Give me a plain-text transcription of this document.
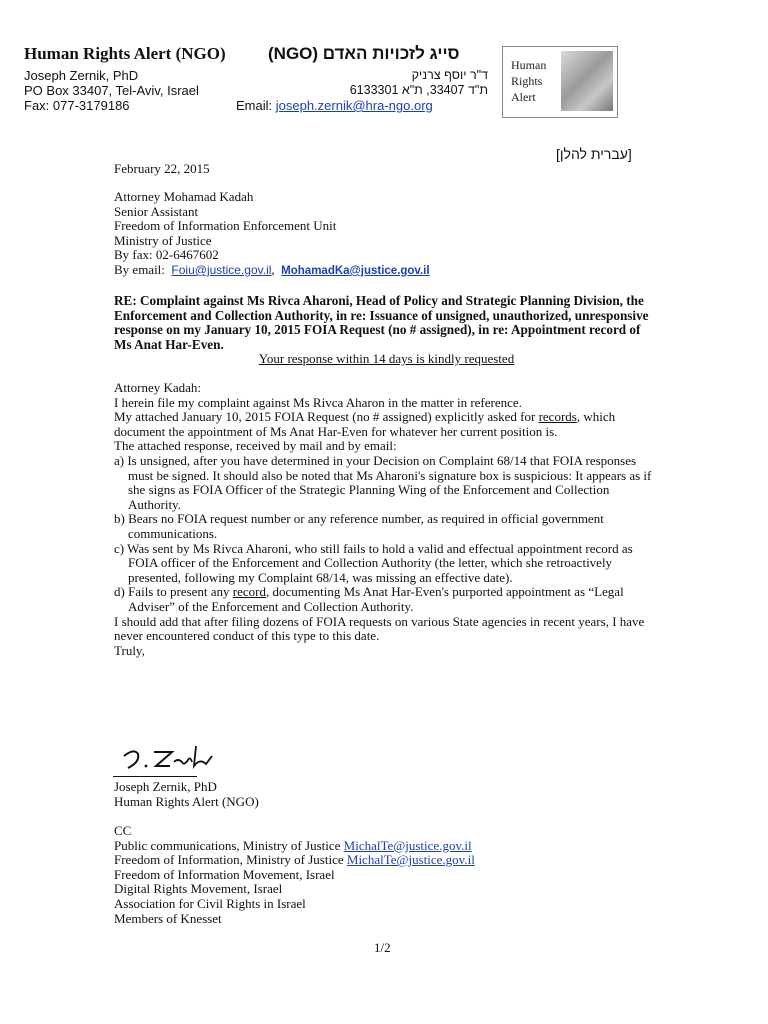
Human Rights Alert (NGO) (NGO) סייג לזכויות האדם
Joseph Zernik, PhD
PO Box 33407, Tel-Aviv, Israel
Fax: 077-3179186
ד"ר יוסף צרניק
ת"ד 33407, ת"א 6133301
Email: joseph.zernik@hra-ngo.org
Human
Rights
Alert
[עברית להלן]
February 22, 2015
Attorney Mohamad Kadah
Senior Assistant
Freedom of Information Enforcement Unit
Ministry of Justice
By fax: 02-6467602
By email: Foiu@justice.gov.il, MohamadKa@justice.gov.il
RE: Complaint against Ms Rivca Aharoni, Head of Policy and Strategic Planning Division, the Enforcement and Collection Authority, in re: Issuance of unsigned, unauthorized, unresponsive response on my January 10, 2015 FOIA Request (no # assigned), in re: Appointment record of Ms Anat Har-Even.
Your response within 14 days is kindly requested
Attorney Kadah:
I herein file my complaint against Ms Rivca Aharon in the matter in reference.
My attached January 10, 2015 FOIA Request (no # assigned) explicitly asked for records, which document the appointment of Ms Anat Har-Even for whatever her current position is.
The attached response, received by mail and by email:
a) Is unsigned, after you have determined in your Decision on Complaint 68/14 that FOIA responses must be signed. It should also be noted that Ms Aharoni's signature box is suspicious: It appears as if she signs as FOIA Officer of the Strategic Planning Wing of the Enforcement and Collection Authority.
b) Bears no FOIA request number or any reference number, as required in official government communications.
c) Was sent by Ms Rivca Aharoni, who still fails to hold a valid and effectual appointment record as FOIA officer of the Enforcement and Collection Authority (the letter, which she retroactively presented, following my Complaint 68/14, was missing an effective date).
d) Fails to present any record, documenting Ms Anat Har-Even's purported appointment as “Legal Adviser” of the Enforcement and Collection Authority.
I should add that after filing dozens of FOIA requests on various State agencies in recent years, I have never encountered conduct of this type to this date.
Truly,
Joseph Zernik, PhD
Human Rights Alert (NGO)
CC
Public communications, Ministry of Justice MichalTe@justice.gov.il
Freedom of Information, Ministry of Justice MichalTe@justice.gov.il
Freedom of Information Movement, Israel
Digital Rights Movement, Israel
Association for Civil Rights in Israel
Members of Knesset
1/2
